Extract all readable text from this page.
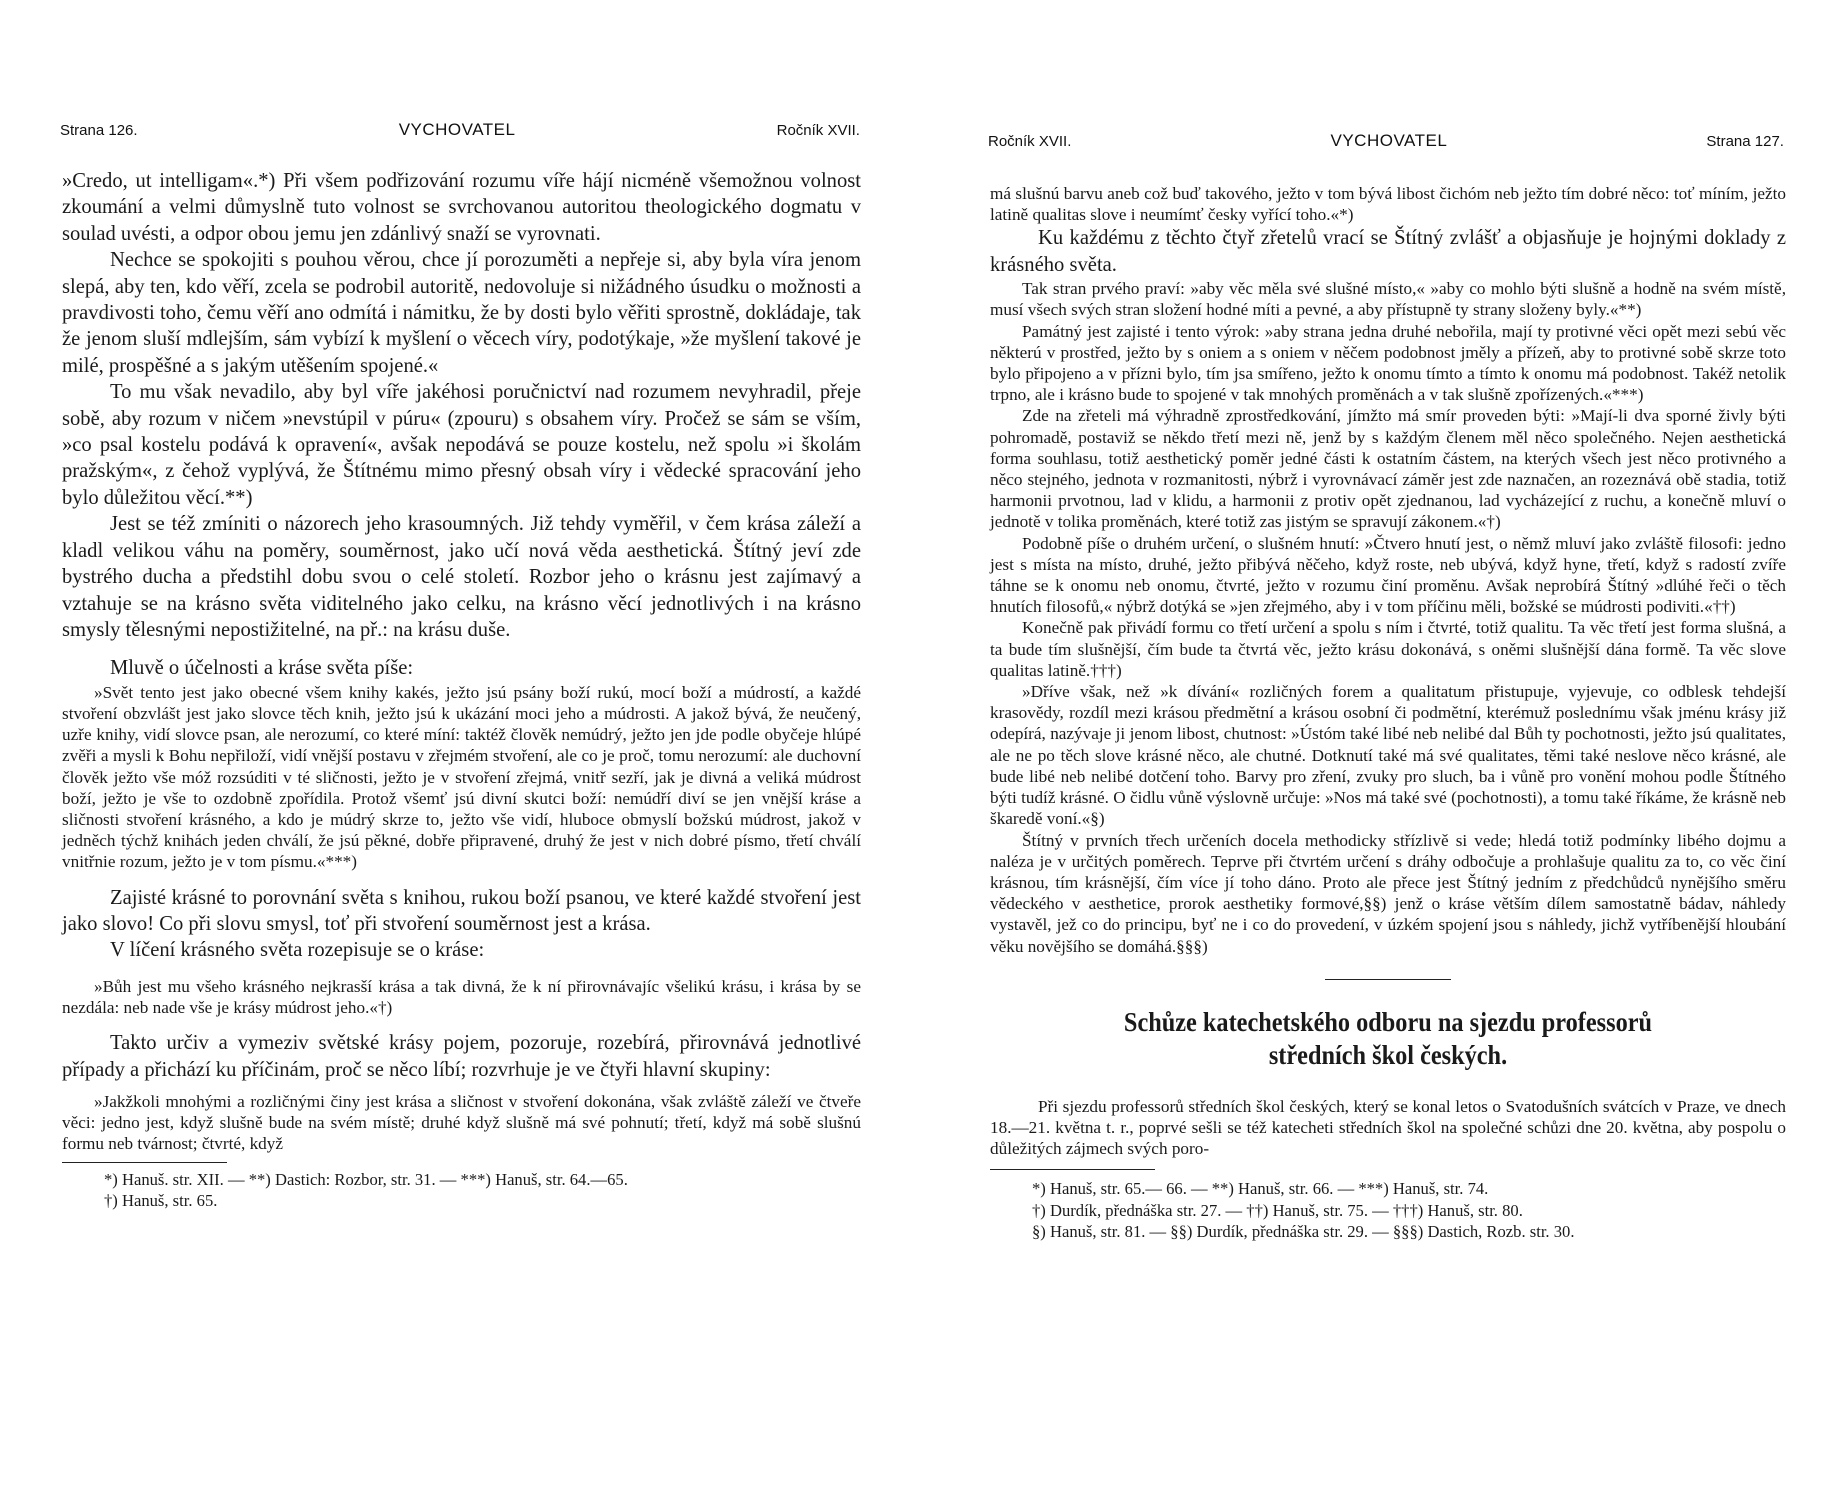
Strana 126.	VYCHOVATEL	Ročník XVII.

»Credo, ut intelligam«.*) Při všem podřizování rozumu víře hájí nicméně všemožnou volnost zkoumání a velmi důmyslně tuto volnost se svrchovanou autoritou theologického dogmatu v soulad uvésti, a odpor obou jemu jen zdánlivý snaží se vyrovnati.

Nechce se spokojiti s pouhou věrou, chce jí porozuměti a nepřeje si, aby byla víra jenom slepá, aby ten, kdo věří, zcela se podrobil autoritě, nedovoluje si nižádného úsudku o možnosti a pravdivosti toho, čemu věří ano odmítá i námitku, že by dosti bylo věřiti sprostně, dokládaje, tak že jenom sluší mdlejším, sám vybízí k myšlení o věcech víry, podotýkaje, »že myšlení takové je milé, prospěšné a s jakým utěšením spojené.«

To mu však nevadilo, aby byl víře jakéhosi poručnictví nad rozumem nevyhradil, přeje sobě, aby rozum v ničem »nevstúpil v púru« (zpouru) s obsahem víry. Pročež se sám se vším, »co psal kostelu podává k opravení«, avšak nepodává se pouze kostelu, než spolu »i školám pražským«, z čehož vyplývá, že Štítnému mimo přesný obsah víry i vědecké spracování jeho bylo důležitou věcí.**)

Jest se též zmíniti o názorech jeho krasoumných. Již tehdy vyměřil, v čem krása záleží a kladl velikou váhu na poměry, souměrnost, jako učí nová věda aesthetická. Štítný jeví zde bystrého ducha a předstihl dobu svou o celé století. Rozbor jeho o krásnu jest zajímavý a vztahuje se na krásno světa viditelného jako celku, na krásno věcí jednotlivých i na krásno smysly tělesnými nepostižitelné, na př.: na krásu duše.

Mluvě o účelnosti a kráse světa píše:

»Svět tento jest jako obecné všem knihy kakés, ježto jsú psány boží rukú, mocí boží a múdrostí, a každé stvoření obzvlášt jest jako slovce těch knih, ježto jsú k ukázání moci jeho a múdrosti. A jakož bývá, že neučený, uzře knihy, vidí slovce psan, ale nerozumí, co které míní: taktéž člověk nemúdrý, ježto jen jde podle obyčeje hlúpé zvěři a mysli k Bohu nepřiloží, vidí vnější postavu v zřejmém stvoření, ale co je proč, tomu nerozumí: ale duchovní člověk ježto vše móž rozsúditi v té sličnosti, ježto je v stvoření zřejmá, vnitř sezří, jak je divná a veliká múdrost boží, ježto je vše to ozdobně zpořídila. Protož všemť jsú divní skutci boží: nemúdří diví se jen vnější kráse a sličnosti stvoření krásného, a kdo je múdrý skrze to, ježto vše vidí, hluboce obmyslí božskú múdrost, jakož v jedněch týchž knihách jeden chválí, že jsú pěkné, dobře připravené, druhý že jest v nich dobré písmo, třetí chválí vnitřnie rozum, ježto je v tom písmu.«***)

Zajisté krásné to porovnání světa s knihou, rukou boží psanou, ve které každé stvoření jest jako slovo! Co při slovu smysl, toť při stvoření souměrnost jest a krása.

V líčení krásného světa rozepisuje se o kráse:

»Bůh jest mu všeho krásného nejkrasší krása a tak divná, že k ní přirovnávajíc všelikú krásu, i krása by se nezdála: neb nade vše je krásy múdrost jeho.«†)

Takto určiv a vymeziv světské krásy pojem, pozoruje, rozebírá, přirovnává jednotlivé případy a přichází ku příčinám, proč se něco líbí; rozvrhuje je ve čtyři hlavní skupiny:

»Jakžkoli mnohými a rozličnými činy jest krása a sličnost v stvoření dokonána, však zvláště záleží ve čtveře věci: jedno jest, když slušně bude na svém místě; druhé když slušně má své pohnutí; třetí, když má sobě slušnú formu neb tvárnost; čtvrté, když

*) Hanuš. str. XII. — **) Dastich: Rozbor, str. 31. — ***) Hanuš, str. 64.—65.

†) Hanuš, str. 65.

Ročník XVII.	VYCHOVATEL	Strana 127.

má slušnú barvu aneb což buď takového, ježto v tom bývá libost čichóm neb ježto tím dobré něco: toť míním, ježto latině qualitas slove i neumímť česky vyřící toho.«*)

Ku každému z těchto čtyř zřetelů vrací se Štítný zvlášť a objasňuje je hojnými doklady z krásného světa.

Tak stran prvého praví: »aby věc měla své slušné místo,« »aby co mohlo býti slušně a hodně na svém místě, musí všech svých stran složení hodné míti a pevné, a aby přístupně ty strany složeny byly.«**)

Památný jest zajisté i tento výrok: »aby strana jedna druhé nebořila, mají ty protivné věci opět mezi sebú věc některú v prostřed, ježto by s oniem a s oniem v něčem podobnost jměly a přízeň, aby to protivné sobě skrze toto bylo připojeno a v přízni bylo, tím jsa smířeno, ježto k onomu tímto a tímto k onomu má podobnost. Takéž netolik trpno, ale i krásno bude to spojené v tak mnohých proměnách a v tak slušně zpořízených.«***)

Zde na zřeteli má výhradně zprostředkování, jímžto má smír proveden býti: »Mají-li dva sporné živly býti pohromadě, postaviž se někdo třetí mezi ně, jenž by s každým členem měl něco společného. Nejen aesthetická forma souhlasu, totiž aesthetický poměr jedné části k ostatním částem, na kterých všech jest něco protivného a něco stejného, jednota v rozmanitosti, nýbrž i vyrovnávací záměr jest zde naznačen, an rozeznává obě stadia, totiž harmonii prvotnou, lad v klidu, a harmonii z protiv opět zjednanou, lad vycházející z ruchu, a konečně mluví o jednotě v tolika proměnách, které totiž zas jistým se spravují zákonem.«†)

Podobně píše o druhém určení, o slušném hnutí: »Čtvero hnutí jest, o němž mluví jako zvláště filosofi: jedno jest s místa na místo, druhé, ježto přibývá něčeho, když roste, neb ubývá, když hyne, třetí, když s radostí zvíře táhne se k onomu neb onomu, čtvrté, ježto v rozumu činí proměnu. Avšak neprobírá Štítný »dlúhé řeči o těch hnutích filosofů,« nýbrž dotýká se »jen zřejmého, aby i v tom příčinu měli, božské se múdrosti podiviti.«††)

Konečně pak přivádí formu co třetí určení a spolu s ním i čtvrté, totiž qualitu. Ta věc třetí jest forma slušná, a ta bude tím slušnější, čím bude ta čtvrtá věc, ježto krásu dokonává, s oněmi slušnější dána formě. Ta věc slove qualitas latině.†††)

»Dříve však, než »k dívání« rozličných forem a qualitatum přistupuje, vyjevuje, co odblesk tehdejší krasovědy, rozdíl mezi krásou předmětní a krásou osobní či podmětní, kterémuž poslednímu však jménu krásy již odepírá, nazývaje ji jenom libost, chutnost: »Ústóm také libé neb nelibé dal Bůh ty pochotnosti, ježto jsú qualitates, ale ne po těch slove krásné něco, ale chutné. Dotknutí také má své qualitates, těmi také neslove něco krásné, ale bude libé neb nelibé dotčení toho. Barvy pro zření, zvuky pro sluch, ba i vůně pro vonění mohou podle Štítného býti tudíž krásné. O čidlu vůně výslovně určuje: »Nos má také své (pochotnosti), a tomu také říkáme, že krásně neb škaredě voní.«§)

Štítný v prvních třech určeních docela methodicky střízlivě si vede; hledá totiž podmínky libého dojmu a naléza je v určitých poměrech. Teprve při čtvrtém určení s dráhy odbočuje a prohlašuje qualitu za to, co věc činí krásnou, tím krásnější, čím více jí toho dáno. Proto ale přece jest Štítný jedním z předchůdců nynějšího směru vědeckého v aesthetice, prorok aesthetiky formové,§§) jenž o kráse větším dílem samostatně bádav, náhledy vystavěl, jež co do principu, byť ne i co do provedení, v úzkém spojení jsou s náhledy, jichž vytříbenější hloubání věku novějšího se domáhá.§§§)

Schůze katechetského odboru na sjezdu professorů
středních škol českých.

Při sjezdu professorů středních škol českých, který se konal letos o Svatodušních svátcích v Praze, ve dnech 18.—21. května t. r., poprvé sešli se též katecheti středních škol na společné schůzi dne 20. května, aby pospolu o důležitých zájmech svých poro-

*) Hanuš, str. 65.— 66. — **) Hanuš, str. 66. — ***) Hanuš, str. 74.

†) Durdík, přednáška str. 27. — ††) Hanuš, str. 75. — †††) Hanuš, str. 80.

§) Hanuš, str. 81. — §§) Durdík, přednáška str. 29. — §§§) Dastich, Rozb. str. 30.
